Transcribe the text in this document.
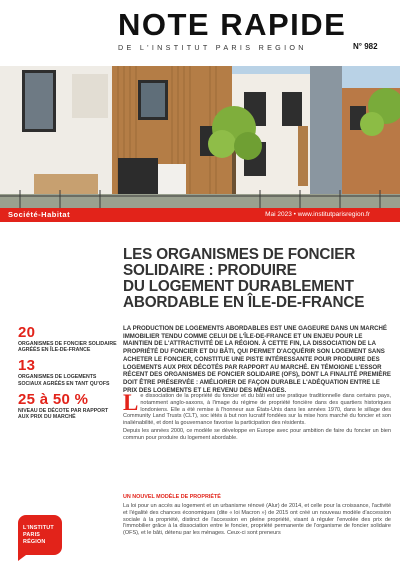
NOTE RAPIDE
DE L'INSTITUT PARIS REGION	N° 982
Société-Habitat	Mai 2023 • www.institutparisregion.fr
LES ORGANISMES DE FONCIER
SOLIDAIRE : PRODUIRE
DU LOGEMENT DURABLEMENT
ABORDABLE EN ÎLE-DE-FRANCE
20
ORGANISMES DE FONCIER SOLIDAIRE AGRÉÉS EN ÎLE-DE-FRANCE
13
ORGANISMES DE LOGEMENTS SOCIAUX AGRÉÉS EN TANT QU'OFS
25 à 50 %
NIVEAU DE DÉCOTE PAR RAPPORT AUX PRIX DU MARCHÉ
LA PRODUCTION DE LOGEMENTS ABORDABLES EST UNE GAGEURE DANS UN MARCHÉ IMMOBILIER TENDU COMME CELUI DE L'ÎLE-DE-FRANCE ET UN ENJEU POUR LE MAINTIEN DE L'ATTRACTIVITÉ DE LA RÉGION. À CETTE FIN, LA DISSOCIATION DE LA PROPRIÉTÉ DU FONCIER ET DU BÂTI, QUI PERMET D'ACQUÉRIR SON LOGEMENT SANS ACHETER LE FONCIER, CONSTITUE UNE PISTE INTÉRESSANTE POUR PRODUIRE DES LOGEMENTS AUX PRIX DÉCOTÉS PAR RAPPORT AU MARCHÉ. EN TÉMOIGNE L'ESSOR RÉCENT DES ORGANISMES DE FONCIER SOLIDAIRE (OFS), DONT LA FINALITÉ PREMIÈRE DOIT ÊTRE PRÉSERVÉE : AMÉLIORER DE FAÇON DURABLE L'ADÉQUATION ENTRE LE PRIX DES LOGEMENTS ET LE REVENU DES MÉNAGES.
L e dissociation de la propriété du foncier et du bâti est une pratique traditionnelle dans certains pays, notamment anglo-saxons, à l'image du régime de propriété foncière dans des quartiers historiques londoniens. Elle a été remise à l'honneur aux États-Unis dans les années 1970, dans le sillage des Community Land Trusts (CLT), soc iétés à but non lucratif fondées sur la mise hors marché du foncier et son inaliénabilité, et dont la gouvernance favorise la participation des résidents.

Depuis les années 2000, ce modèle se développe en Europe avec pour ambition de faire du foncier un bien commun pour produire du logement abordable.

UN NOUVEL MODÈLE DE PROPRIÉTÉ
La loi pour un accès au logement et un urbanisme rénové (Alur) de 2014, et celle pour la croissance, l'activité et l'égalité des chances économiques (dite « loi Macron ») de 2015 ont créé un nouveau modèle d'accession sociale à la propriété, distinct de l'accession en pleine propriété, visant à réguler l'envolée des prix de l'immobilier grâce à la dissociation entre le foncier, propriété permanente de l'organisme de foncier solidaire (OFS), et le bâti, détenu par les ménages. Ceux-ci sont preneurs
L'INSTITUT
PARIS
RÉGION
